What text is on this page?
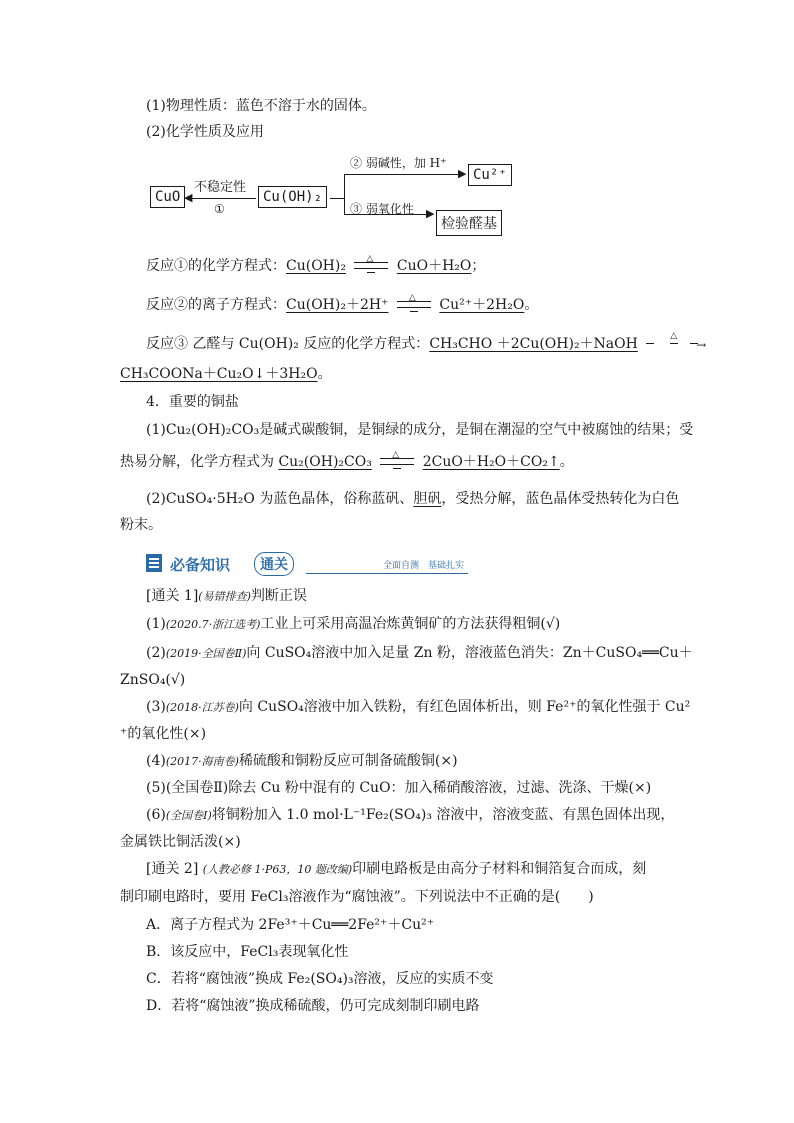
(1)物理性质：蓝色不溶于水的固体。
(2)化学性质及应用
CuO	Cu(OH)₂
不稳定性
◀
①
▶
▶
② 弱碱性，加 H⁺
③ 弱氧化性
Cu²⁺
检验醛基
反应①的化学方程式：Cu(OH)₂ △ CuO＋H₂O；
反应②的离子方程式：Cu(OH)₂＋2H⁺ △ Cu²⁺＋2H₂O。
反应③ 乙醛与 Cu(OH)₂ 反应的化学方程式：CH₃CHO ＋2Cu(OH)₂＋NaOH	△
→
CH₃COONa＋Cu₂O↓＋3H₂O。
4．重要的铜盐
(1)Cu₂(OH)₂CO₃是碱式碳酸铜，是铜绿的成分，是铜在潮湿的空气中被腐蚀的结果；受
热易分解，化学方程式为 Cu₂(OH)₂CO₃ △ 2CuO＋H₂O＋CO₂↑。
(2)CuSO₄·5H₂O 为蓝色晶体，俗称蓝矾、胆矾，受热分解，蓝色晶体受热转化为白色
粉末。
必备知识	通关	全面自测　基础扎实
[通关 1](易错排查)判断正误
(1)(2020.7·浙江选考)工业上可采用高温冶炼黄铜矿的方法获得粗铜(√)
(2)(2019·全国卷Ⅱ)向 CuSO₄溶液中加入足量 Zn 粉，溶液蓝色消失：Zn＋CuSO₄══Cu＋
ZnSO₄(√)
(3)(2018·江苏卷)向 CuSO₄溶液中加入铁粉，有红色固体析出，则 Fe²⁺的氧化性强于 Cu²
⁺的氧化性(×)
(4)(2017·海南卷)稀硫酸和铜粉反应可制备硫酸铜(×)
(5)(全国卷Ⅱ)除去 Cu 粉中混有的 CuO：加入稀硝酸溶液，过滤、洗涤、干燥(×)
(6)(全国卷Ⅰ)将铜粉加入 1.0 mol·L⁻¹Fe₂(SO₄)₃ 溶液中，溶液变蓝、有黑色固体出现，
金属铁比铜活泼(×)
[通关 2] (人教必修 1·P63，10 题改编)印刷电路板是由高分子材料和铜箔复合而成，刻
制印刷电路时，要用 FeCl₃溶液作为“腐蚀液”。下列说法中不正确的是(　　)
A．离子方程式为 2Fe³⁺＋Cu══2Fe²⁺＋Cu²⁺
B．该反应中，FeCl₃表现氧化性
C．若将“腐蚀液”换成 Fe₂(SO₄)₃溶液，反应的实质不变
D．若将“腐蚀液”换成稀硫酸，仍可完成刻制印刷电路
